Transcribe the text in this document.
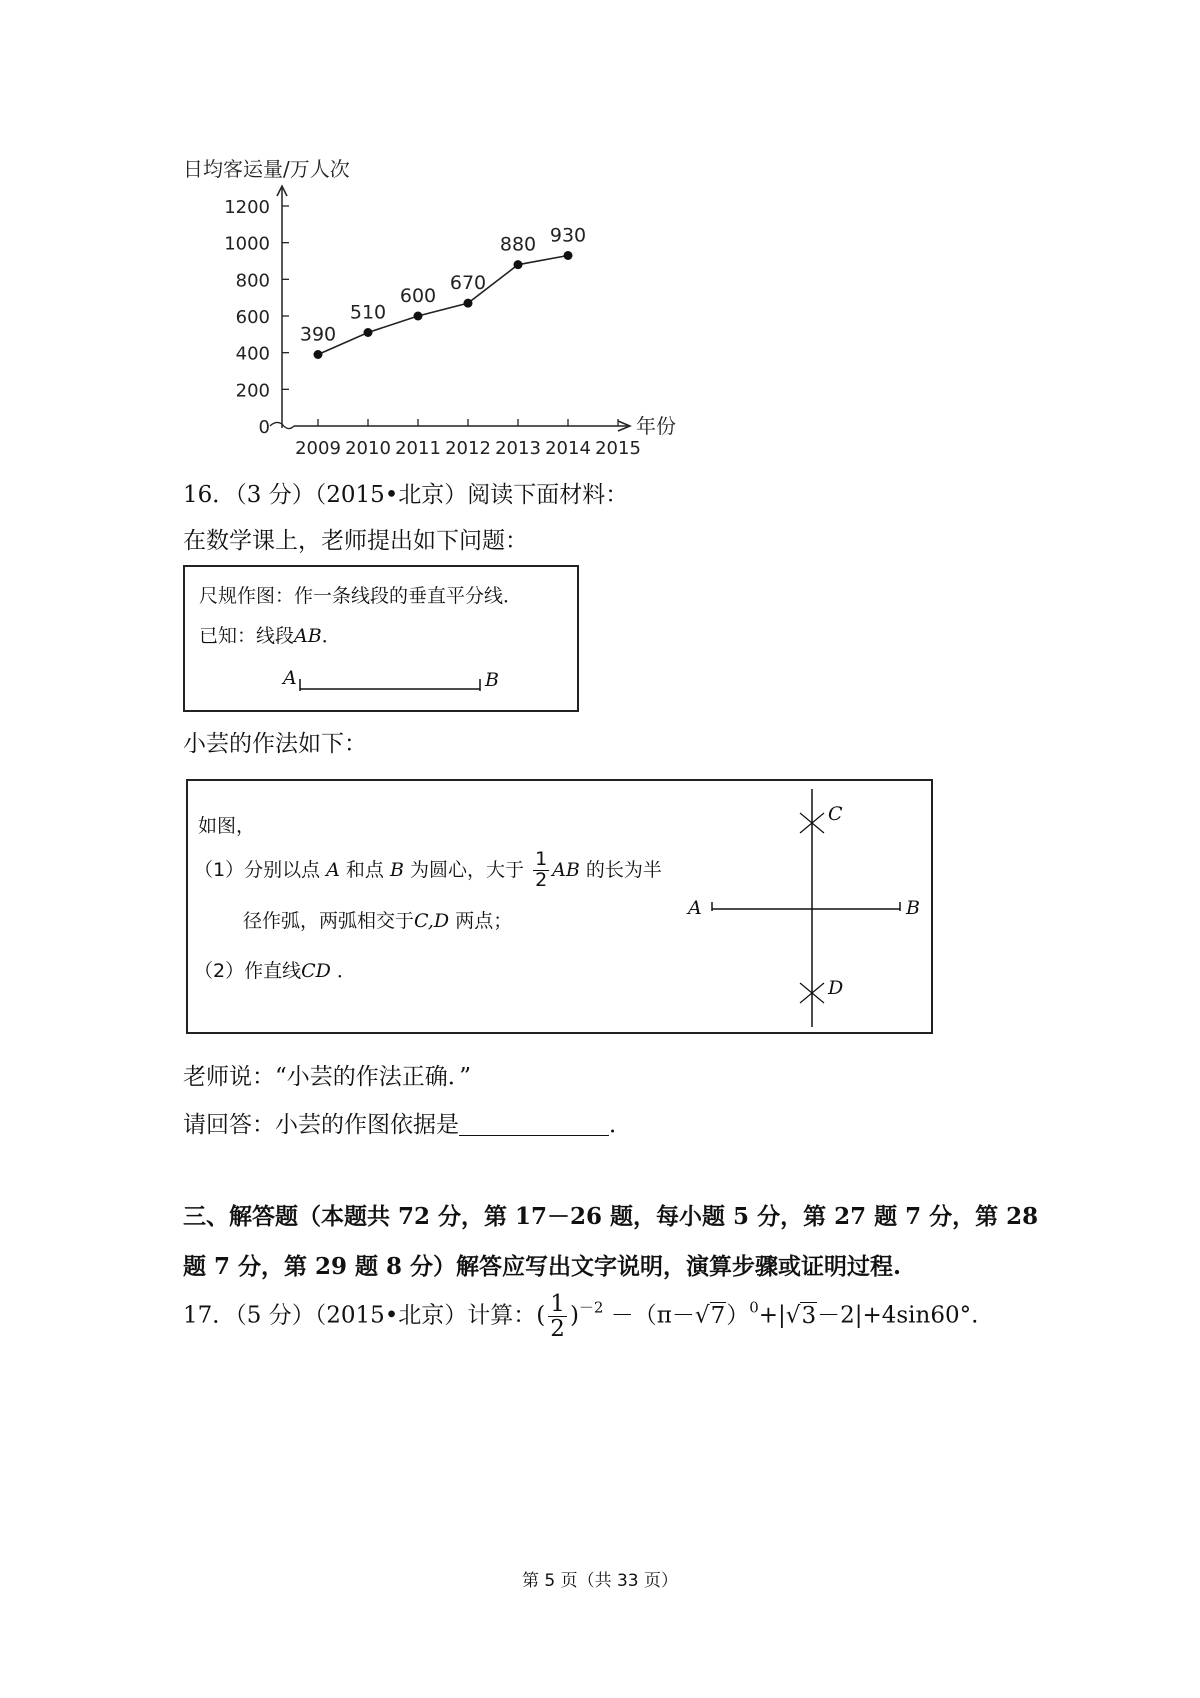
0
200
400
600
800
1000
1200
2009 2010 2011 2012 2013 2014 2015
日均客运量/万人次
年份
390
510
600
670
880 930
16．（3 分）（2015•北京）阅读下面材料：
在数学课上，老师提出如下问题：
尺规作图：作一条线段的垂直平分线．
已知：线段AB．
A	B
小芸的作法如下：
如图，
（1）分别以点 A 和点 B 为圆心，大于 $\frac{1}{2}$ AB 的长为半
径作弧，两弧相交于C,D 两点；
（2）作直线CD ．
A	B
C
D
老师说：“小芸的作法正确．”
请回答：小芸的作图依据是	．
三、解答题（本题共 72 分，第 17－26 题，每小题 5 分，第 27 题 7 分，第 28
题 7 分，第 29 题 8 分）解答应写出文字说明，演算步骤或证明过程.
17．（5 分）（2015•北京）计算：( $\frac{1}{2} )^{-2} -(\pi-√7)^0+|√3-2|+4\sin 60^\circ$.
第 5 页（共 33 页）
